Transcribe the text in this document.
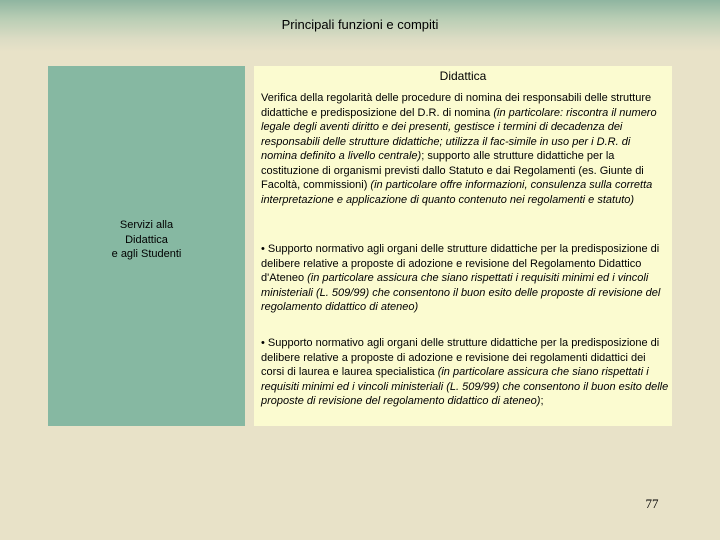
Principali funzioni e compiti
Servizi alla
Didattica
e agli Studenti
Didattica
Verifica della regolarità delle procedure di nomina dei responsabili delle strutture didattiche e predisposizione del D.R. di nomina (in particolare: riscontra il numero legale degli aventi diritto e dei presenti, gestisce i termini di decadenza dei responsabili delle strutture didattiche; utilizza il fac-simile in uso per i D.R. di nomina definito a livello centrale); supporto alle strutture didattiche per la costituzione di organismi previsti dallo Statuto e dai Regolamenti (es. Giunte di Facoltà, commissioni) (in particolare offre informazioni, consulenza sulla corretta interpretazione e applicazione di quanto contenuto nei regolamenti e statuto)
• Supporto normativo agli organi delle strutture didattiche per la predisposizione di delibere relative a proposte di adozione e revisione del Regolamento Didattico d'Ateneo (in particolare assicura che siano rispettati i requisiti minimi ed i vincoli ministeriali (L. 509/99) che consentono il buon esito delle proposte di revisione del regolamento didattico di ateneo)
• Supporto normativo agli organi delle strutture didattiche per la predisposizione di delibere relative a proposte di adozione e revisione dei regolamenti didattici dei corsi di laurea e laurea specialistica (in particolare assicura che siano rispettati i requisiti minimi ed i vincoli ministeriali (L. 509/99) che consentono il buon esito delle proposte di revisione del regolamento didattico di ateneo);
77
